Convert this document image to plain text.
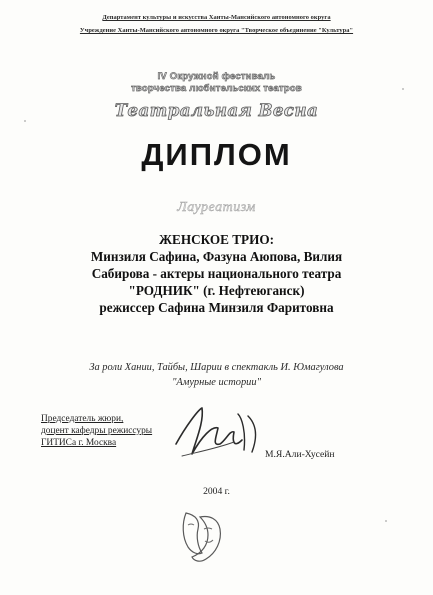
Департамент культуры и искусства Ханты-Мансийского автономного округа
Учреждение Ханты-Мансийского автономного округа "Творческое объединение "Культура"
IV Окружной фестиваль
творчества любительских театров
Театральная Весна
ДИПЛОМ
Лауреатизм
ЖЕНСКОЕ ТРИО:
Минзиля Сафина, Фазуна Аюпова, Вилия
Сабирова - актеры национального театра
"РОДНИК" (г. Нефтеюганск)
режиссер Сафина Минзиля Фаритовна
За роли Хании, Тайбы, Шарии в спектакль И. Юмагулова
"Амурные истории"
Председатель жюри,
доцент кафедры режиссуры
ГИТИСа г. Москва
М.Я.Али-Хусейн
2004 г.
